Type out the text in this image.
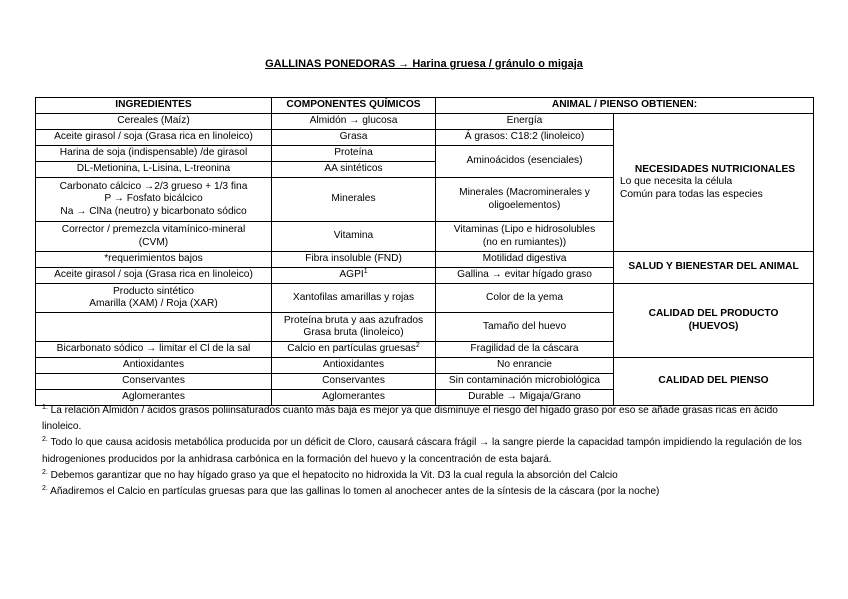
GALLINAS PONEDORAS → Harina gruesa / gránulo o migaja
INGREDIENTES	COMPONENTES QUÍMICOS	ANIMAL / PIENSO OBTIENEN:	
Cereales (Maíz)	Almidón → glucosa	Energía	NECESIDADES NUTRICIONALES
Lo que necesita la célula
Común para todas las especies

Aceite girasol / soja (Grasa rica en linoleico)	Grasa	Á grasos: C18:2 (linoleico)	
Harina de soja (indispensable) /de girasol	Proteína	Aminoácidos (esenciales)	
DL-Metionina, L-Lisina, L-treonina	AA sintéticos		
Carbonato cálcico →2/3 grueso + 1/3 fina
P → Fosfato bicálcico
Na → ClNa (neutro) y bicarbonato sódico	Minerales	Minerales (Macrominerales y
oligoelementos)	
Corrector / premezcla vitamínico-mineral
(CVM)	Vitamina	Vitaminas (Lipo e hidrosolubles
(no en rumiantes))	
*requerimientos bajos	Fibra insoluble (FND)	Motilidad digestiva	SALUD Y BIENESTAR DEL ANIMAL
Aceite girasol / soja (Grasa rica en linoleico)	AGPI$^1$	Gallina → evitar hígado graso	
Producto sintético
Amarilla (XAM) / Roja (XAR)	Xantofilas amarillas y rojas	Color de la yema	CALIDAD DEL PRODUCTO
(HUEVOS)
	Proteína bruta y aas azufrados
Grasa bruta (linoleico)	Tamaño del huevo	
Bicarbonato sódico → limitar el Cl de la sal	Calcio en partículas gruesas$^2$	Fragilidad de la cáscara	
Antioxidantes	Antioxidantes	No enrancie	CALIDAD DEL PIENSO
Conservantes	Conservantes	Sin contaminación microbiológica	
Aglomerantes	Aglomerantes	Durable → Migaja/Grano	

$^{1.}$ La relación Almidón / ácidos grasos poliinsaturados cuanto más baja es mejor ya que disminuye el riesgo del hígado graso por eso se añade grasas ricas en ácido linoleico.

$^{2.}$ Todo lo que causa acidosis metabólica producida por un déficit de Cloro, causará cáscara frágil → la sangre pierde la capacidad tampón impidiendo la regulación de los hidrogeniones producidos por la anhidrasa carbónica en la formación del huevo y la concentración de esta bajará.

$^{2.}$ Debemos garantizar que no hay hígado graso ya que el hepatocito no hidroxida la Vit. D3 la cual regula la absorción del Calcio

$^{2.}$ Añadiremos el Calcio en partículas gruesas para que las gallinas lo tomen al anochecer antes de la síntesis de la cáscara (por la noche)
